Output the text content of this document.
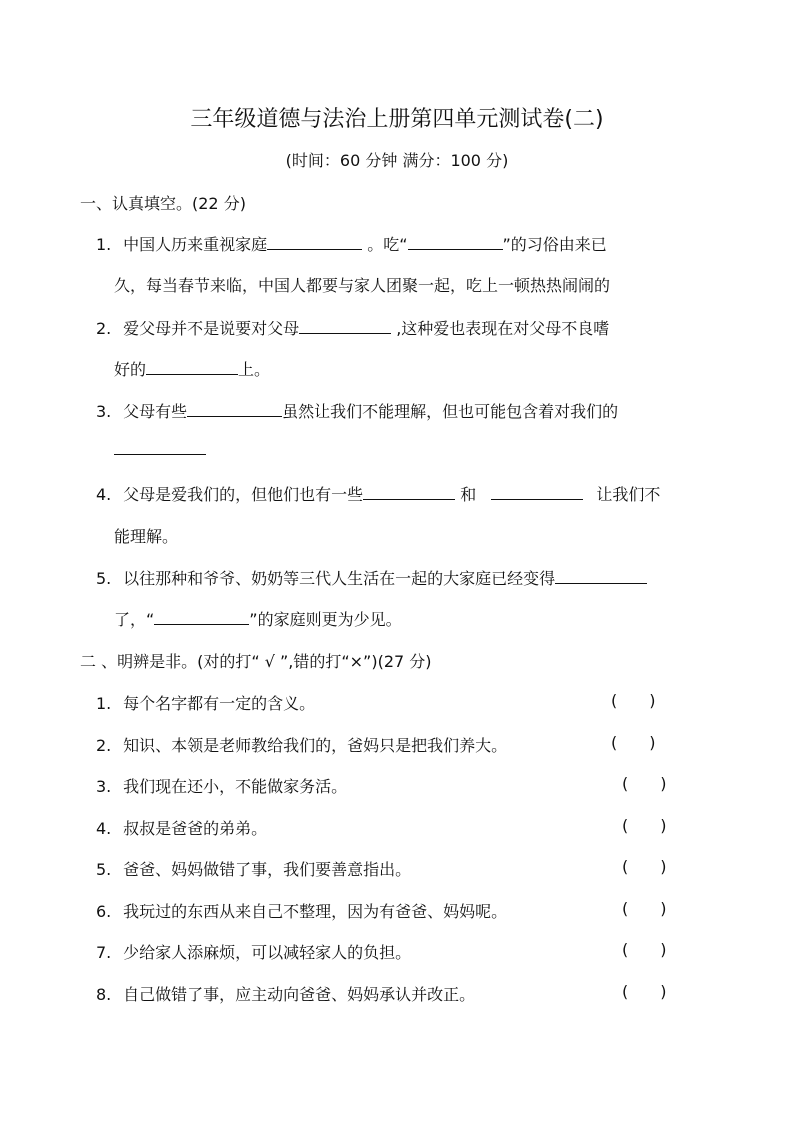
三年级道德与法治上册第四单元测试卷(二)
(时间：60 分钟 满分：100 分)
一、认真填空。(22 分)
1. 中国人历来重视家庭	。吃“	”的习俗由来已
久，每当春节来临，中国人都要与家人团聚一起，吃上一顿热热闹闹的
2. 爱父母并不是说要对父母	,这种爱也表现在对父母不良嗜
好的	上。
3. 父母有些	虽然让我们不能理解，但也可能包含着对我们的
4. 父母是爱我们的，但他们也有一些	和	让我们不
能理解。
5. 以往那种和爷爷、奶奶等三代人生活在一起的大家庭已经变得
了，“	”的家庭则更为少见。
二 、明辨是非。(对的打“ √ ”,错的打“×”)(27 分)
1. 每个名字都有一定的含义。	( )
2. 知识、本领是老师教给我们的，爸妈只是把我们养大。	( )
3. 我们现在还小，不能做家务活。	( )
4. 叔叔是爸爸的弟弟。	( )
5. 爸爸、妈妈做错了事，我们要善意指出。	( )
6. 我玩过的东西从来自己不整理，因为有爸爸、妈妈呢。	( )
7. 少给家人添麻烦，可以减轻家人的负担。	( )
8. 自己做错了事，应主动向爸爸、妈妈承认并改正。	( )
